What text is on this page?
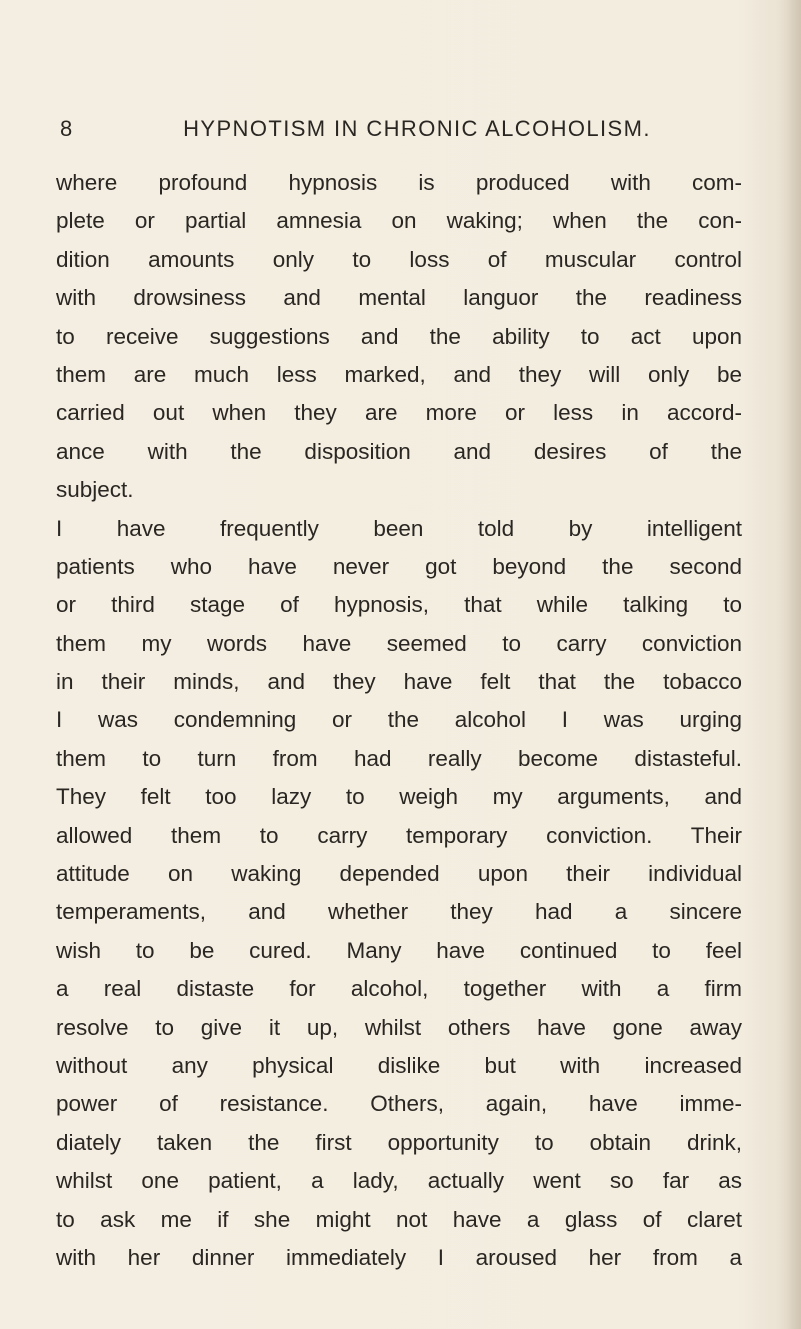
8	HYPNOTISM IN CHRONIC ALCOHOLISM.
where profound hypnosis is produced with com-
plete or partial amnesia on waking; when the con-
dition amounts only to loss of muscular control
with drowsiness and mental languor the readiness
to receive suggestions and the ability to act upon
them are much less marked, and they will only be
carried out when they are more or less in accord-
ance with the disposition and desires of the
subject.
I have frequently been told by intelligent
patients who have never got beyond the second
or third stage of hypnosis, that while talking to
them my words have seemed to carry conviction
in their minds, and they have felt that the tobacco
I was condemning or the alcohol I was urging
them to turn from had really become distasteful.
They felt too lazy to weigh my arguments, and
allowed them to carry temporary conviction. Their
attitude on waking depended upon their individual
temperaments, and whether they had a sincere
wish to be cured. Many have continued to feel
a real distaste for alcohol, together with a firm
resolve to give it up, whilst others have gone away
without any physical dislike but with increased
power of resistance. Others, again, have imme-
diately taken the first opportunity to obtain drink,
whilst one patient, a lady, actually went so far as
to ask me if she might not have a glass of claret
with her dinner immediately I aroused her from a
